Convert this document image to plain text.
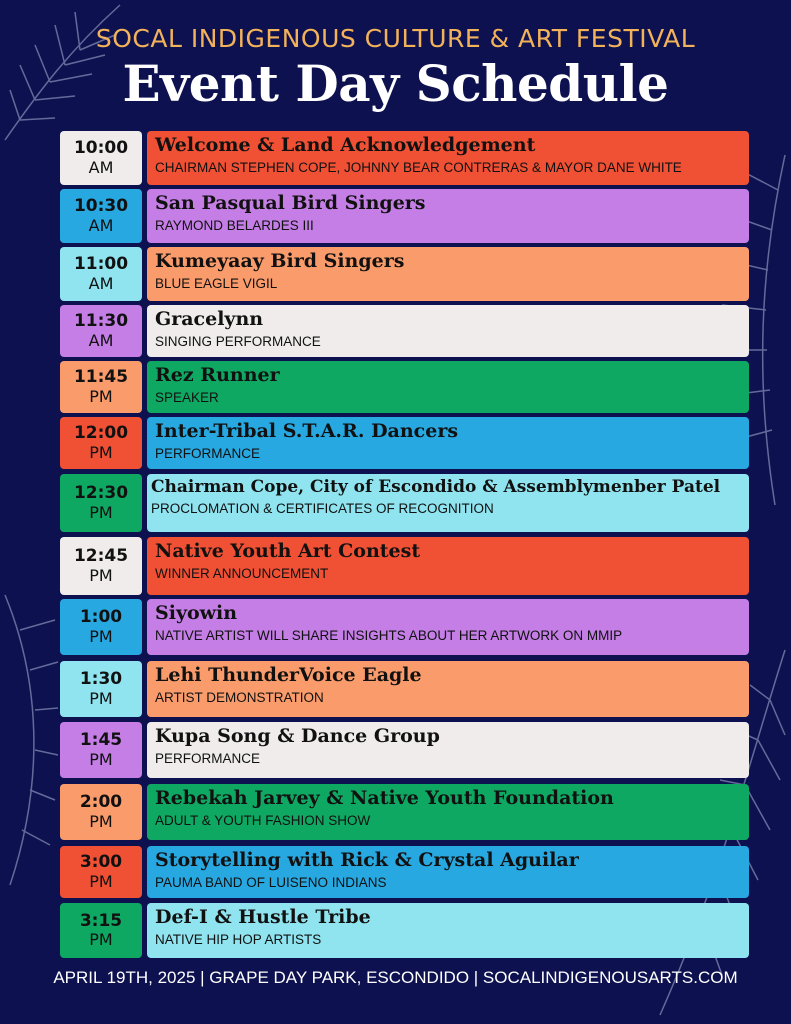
SOCAL INDIGENOUS CULTURE & ART FESTIVAL
Event Day Schedule
10:00
AM
Welcome & Land Acknowledgement
CHAIRMAN STEPHEN COPE, JOHNNY BEAR CONTRERAS & MAYOR DANE WHITE
10:30
AM
San Pasqual Bird Singers
RAYMOND BELARDES III
11:00
AM
Kumeyaay Bird Singers
BLUE EAGLE VIGIL
11:30
AM
Gracelynn
SINGING PERFORMANCE
11:45
PM
Rez Runner
SPEAKER
12:00
PM
Inter-Tribal S.T.A.R. Dancers
PERFORMANCE
12:30
PM
Chairman Cope, City of Escondido & Assemblymenber Patel
PROCLOMATION & CERTIFICATES OF RECOGNITION
12:45
PM
Native Youth Art Contest
WINNER ANNOUNCEMENT
1:00
PM
Siyowin
NATIVE ARTIST WILL SHARE INSIGHTS ABOUT HER ARTWORK ON MMIP
1:30
PM
Lehi ThunderVoice Eagle
ARTIST DEMONSTRATION
1:45
PM
Kupa Song & Dance Group
PERFORMANCE
2:00
PM
Rebekah Jarvey & Native Youth Foundation
ADULT & YOUTH FASHION SHOW
3:00
PM
Storytelling with Rick & Crystal Aguilar
PAUMA BAND OF LUISENO INDIANS
3:15
PM
Def-I & Hustle Tribe
NATIVE HIP HOP ARTISTS
APRIL 19TH, 2025 | GRAPE DAY PARK, ESCONDIDO | SOCALINDIGENOUSARTS.COM
